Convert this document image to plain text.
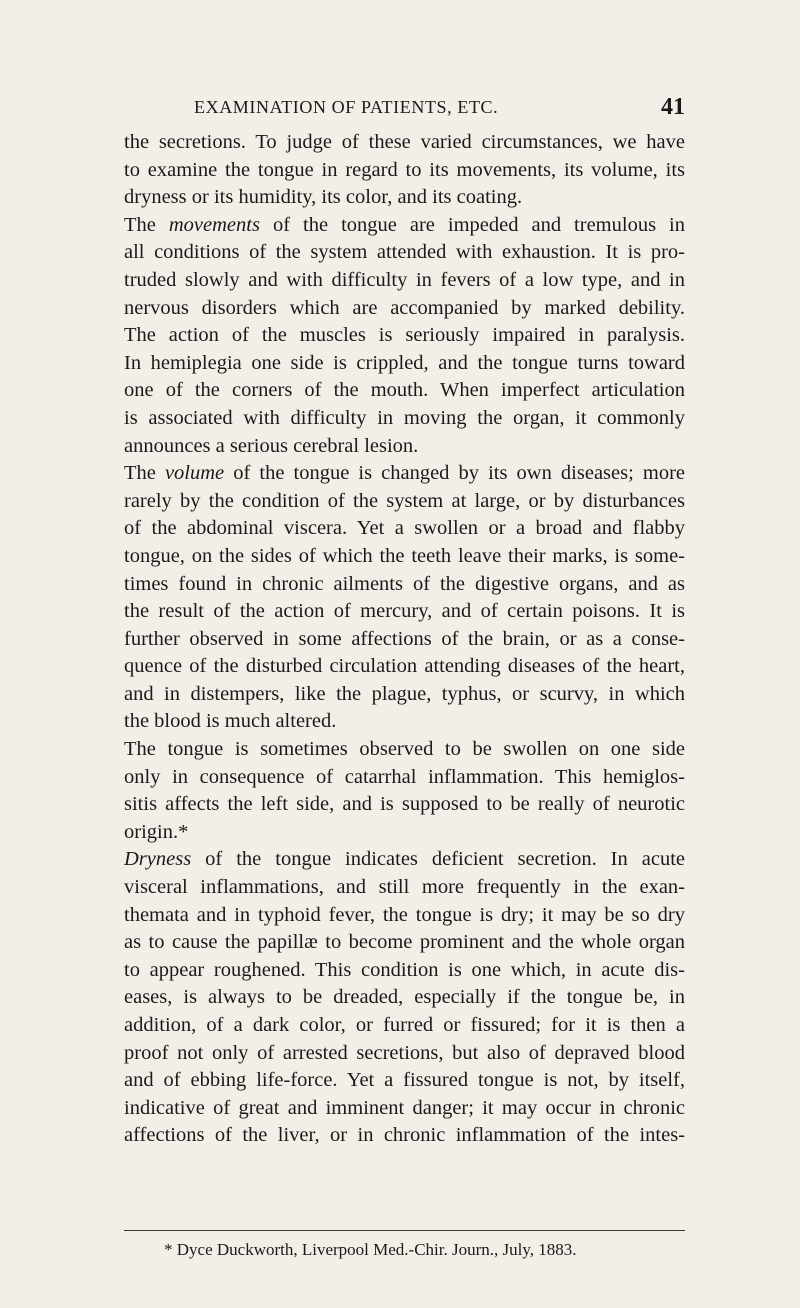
EXAMINATION OF PATIENTS, ETC.	41
the secretions. To judge of these varied circumstances, we have
to examine the tongue in regard to its movements, its volume, its
dryness or its humidity, its color, and its coating.
The movements of the tongue are impeded and tremulous in
all conditions of the system attended with exhaustion. It is pro-
truded slowly and with difficulty in fevers of a low type, and in
nervous disorders which are accompanied by marked debility.
The action of the muscles is seriously impaired in paralysis.
In hemiplegia one side is crippled, and the tongue turns toward
one of the corners of the mouth. When imperfect articulation
is associated with difficulty in moving the organ, it commonly
announces a serious cerebral lesion.
The volume of the tongue is changed by its own diseases; more
rarely by the condition of the system at large, or by disturbances
of the abdominal viscera. Yet a swollen or a broad and flabby
tongue, on the sides of which the teeth leave their marks, is some-
times found in chronic ailments of the digestive organs, and as
the result of the action of mercury, and of certain poisons. It is
further observed in some affections of the brain, or as a conse-
quence of the disturbed circulation attending diseases of the heart,
and in distempers, like the plague, typhus, or scurvy, in which
the blood is much altered.
The tongue is sometimes observed to be swollen on one side
only in consequence of catarrhal inflammation. This hemiglos-
sitis affects the left side, and is supposed to be really of neurotic
origin.*
Dryness of the tongue indicates deficient secretion. In acute
visceral inflammations, and still more frequently in the exan-
themata and in typhoid fever, the tongue is dry; it may be so dry
as to cause the papillæ to become prominent and the whole organ
to appear roughened. This condition is one which, in acute dis-
eases, is always to be dreaded, especially if the tongue be, in
addition, of a dark color, or furred or fissured; for it is then a
proof not only of arrested secretions, but also of depraved blood
and of ebbing life-force. Yet a fissured tongue is not, by itself,
indicative of great and imminent danger; it may occur in chronic
affections of the liver, or in chronic inflammation of the intes-
* Dyce Duckworth, Liverpool Med.-Chir. Journ., July, 1883.
